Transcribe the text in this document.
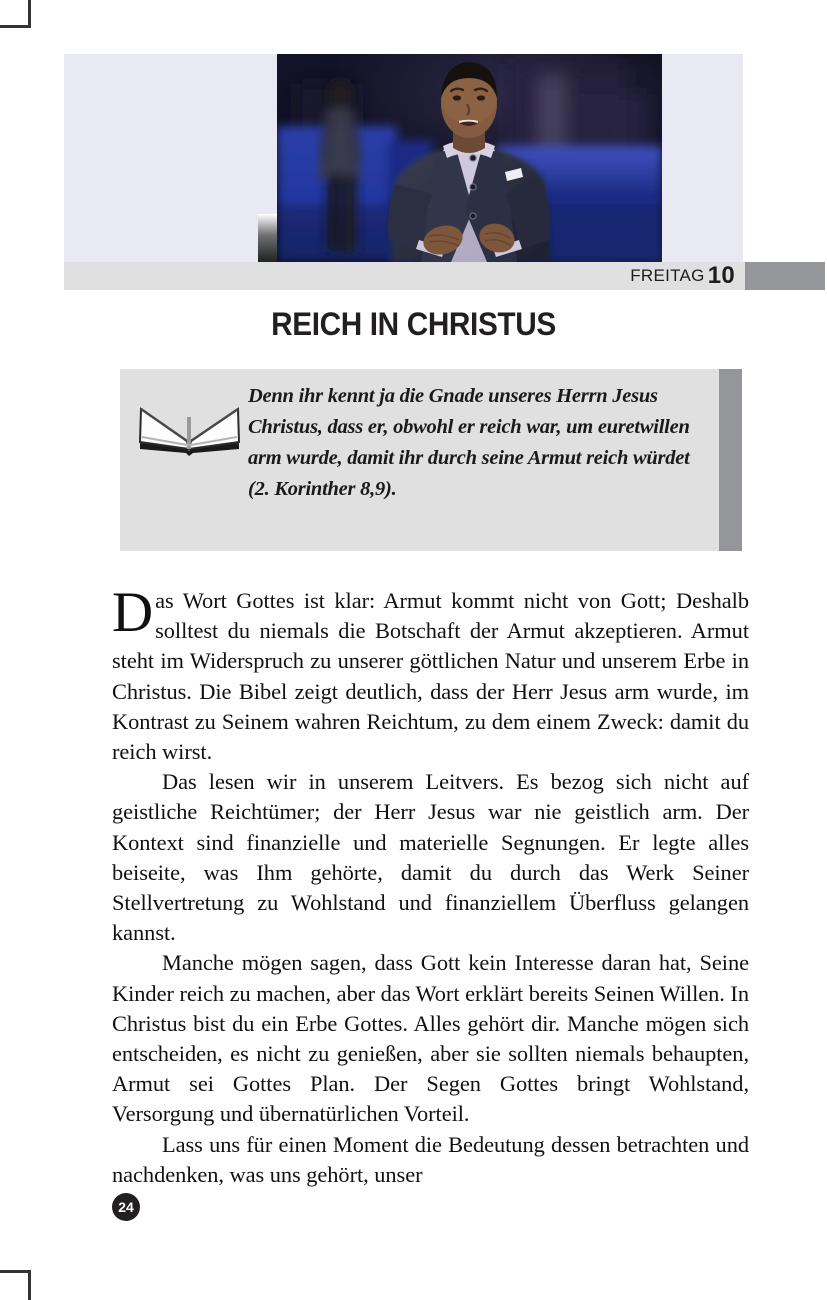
FREITAG 10
REICH IN CHRISTUS
Denn ihr kennt ja die Gnade unseres Herrn Jesus Christus, dass er, obwohl er reich war, um euretwillen arm wurde, damit ihr durch seine Armut reich würdet
(2. Korinther 8,9).

Das Wort Gottes ist klar: Armut kommt nicht von Gott; Deshalb solltest du niemals die Botschaft der Armut akzeptieren. Armut steht im Widerspruch zu unserer göttlichen Natur und unserem Erbe in Christus. Die Bibel zeigt deutlich, dass der Herr Jesus arm wurde, im Kontrast zu Seinem wahren Reichtum, zu dem einem Zweck: damit du reich wirst.

Das lesen wir in unserem Leitvers. Es bezog sich nicht auf geistliche Reichtümer; der Herr Jesus war nie geistlich arm. Der Kontext sind finanzielle und materielle Segnungen. Er legte alles beiseite, was Ihm gehörte, damit du durch das Werk Seiner Stellvertretung zu Wohlstand und finanziellem Überfluss gelangen kannst.

Manche mögen sagen, dass Gott kein Interesse daran hat, Seine Kinder reich zu machen, aber das Wort erklärt bereits Seinen Willen. In Christus bist du ein Erbe Gottes. Alles gehört dir. Manche mögen sich entscheiden, es nicht zu genießen, aber sie sollten niemals behaupten, Armut sei Gottes Plan. Der Segen Gottes bringt Wohlstand, Versorgung und übernatürlichen Vorteil.

Lass uns für einen Moment die Bedeutung dessen betrachten und nachdenken, was uns gehört, unser

24
